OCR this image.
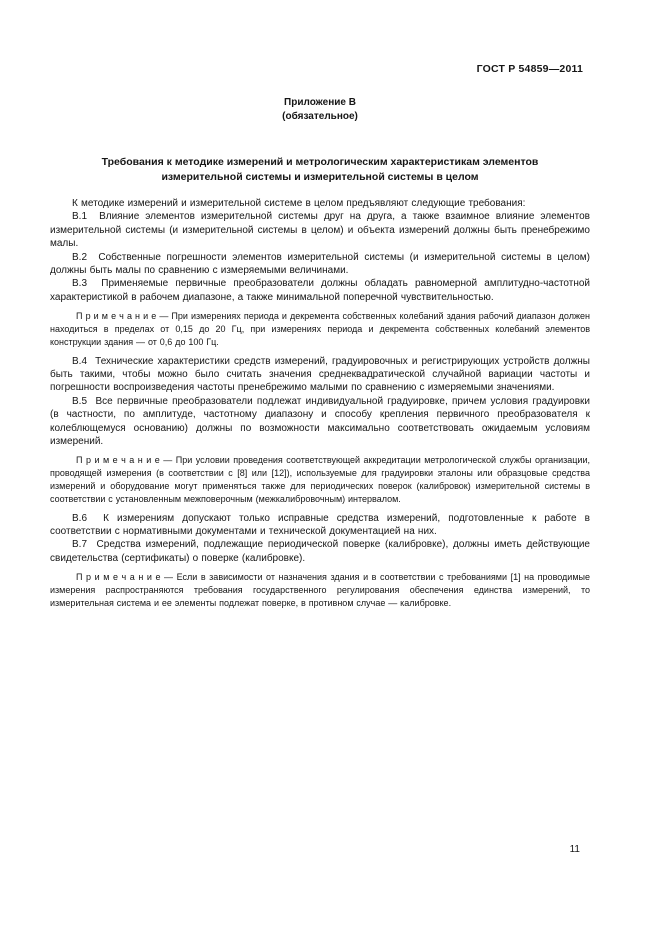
ГОСТ Р 54859—2011
Приложение В
(обязательное)
Требования к методике измерений и метрологическим характеристикам элементов
измерительной системы и измерительной системы в целом

К методике измерений и измерительной системе в целом предъявляют следующие требования:

В.1  Влияние элементов измерительной системы друг на друга, а также взаимное влияние элементов измерительной системы (и измерительной системы в целом) и объекта измерений должны быть пренебрежимо малы.

В.2  Собственные погрешности элементов измерительной системы (и измерительной системы в целом) должны быть малы по сравнению с измеряемыми величинами.

В.3  Применяемые первичные преобразователи должны обладать равномерной амплитудно-частотной характеристикой в рабочем диапазоне, а также минимальной поперечной чувствительностью.

П р и м е ч а н и е — При измерениях периода и декремента собственных колебаний здания рабочий диапазон должен находиться в пределах от 0,15 до 20 Гц, при измерениях периода и декремента собственных колебаний элементов конструкции здания — от 0,6 до 100 Гц.

В.4  Технические характеристики средств измерений, градуировочных и регистрирующих устройств должны быть такими, чтобы можно было считать значения среднеквадратической случайной вариации частоты и погрешности воспроизведения частоты пренебрежимо малыми по сравнению с измеряемыми значениями.

В.5  Все первичные преобразователи подлежат индивидуальной градуировке, причем условия градуировки (в частности, по амплитуде, частотному диапазону и способу крепления первичного преобразователя к колеблющемуся основанию) должны по возможности максимально соответствовать ожидаемым условиям измерений.

П р и м е ч а н и е — При условии проведения соответствующей аккредитации метрологической службы организации, проводящей измерения (в соответствии с [8] или [12]), используемые для градуировки эталоны или образцовые средства измерений и оборудование могут применяться также для периодических поверок (калибровок) измерительной системы в соответствии с установленным межповерочным (межкалибровочным) интервалом.

В.6  К измерениям допускают только исправные средства измерений, подготовленные к работе в соответствии с нормативными документами и технической документацией на них.

В.7  Средства измерений, подлежащие периодической поверке (калибровке), должны иметь действующие свидетельства (сертификаты) о поверке (калибровке).

П р и м е ч а н и е — Если в зависимости от назначения здания и в соответствии с требованиями [1] на проводимые измерения распространяются требования государственного регулирования обеспечения единства измерений, то измерительная система и ее элементы подлежат поверке, в противном случае — калибровке.

11
